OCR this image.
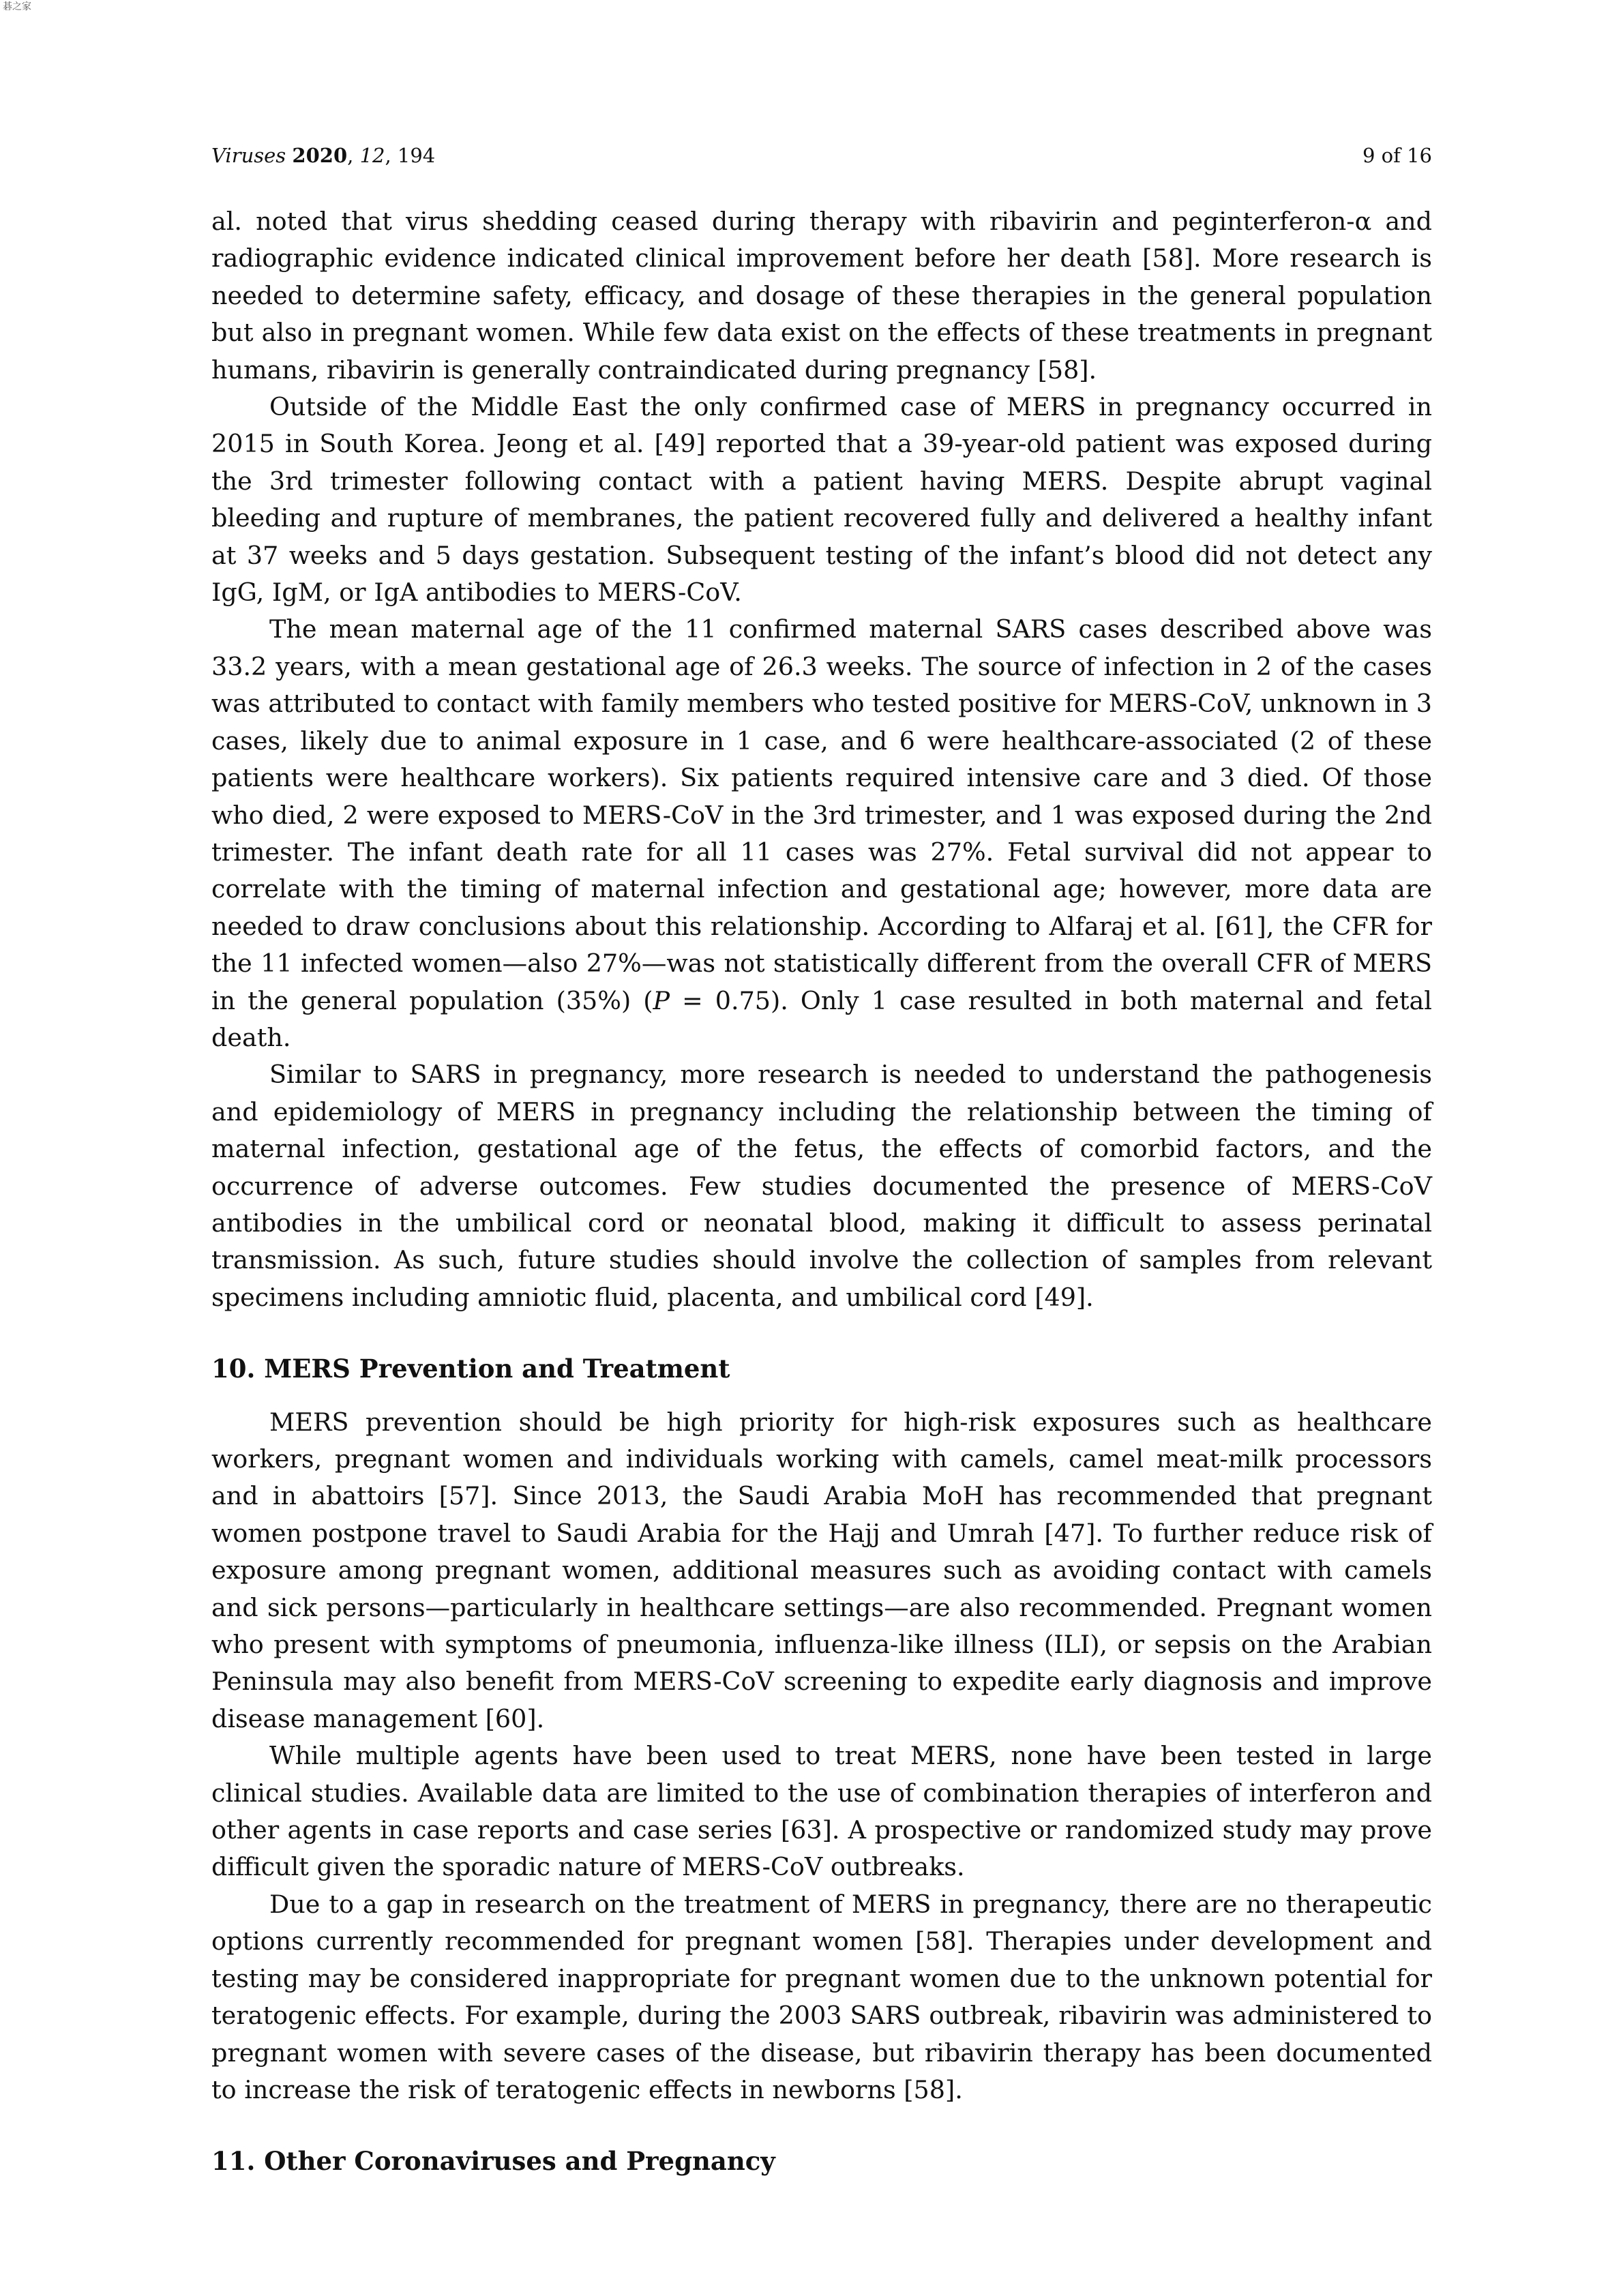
碁之家
Viruses 2020, 12, 194	9 of 16

al. noted that virus shedding ceased during therapy with ribavirin and peginterferon-α and radiographic evidence indicated clinical improvement before her death [58]. More research is needed to determine safety, efficacy, and dosage of these therapies in the general population but also in pregnant women. While few data exist on the effects of these treatments in pregnant humans, ribavirin is generally contraindicated during pregnancy [58].

Outside of the Middle East the only confirmed case of MERS in pregnancy occurred in 2015 in South Korea. Jeong et al. [49] reported that a 39-year-old patient was exposed during the 3rd trimester following contact with a patient having MERS. Despite abrupt vaginal bleeding and rupture of membranes, the patient recovered fully and delivered a healthy infant at 37 weeks and 5 days gestation. Subsequent testing of the infant’s blood did not detect any IgG, IgM, or IgA antibodies to MERS-CoV.

The mean maternal age of the 11 confirmed maternal SARS cases described above was 33.2 years, with a mean gestational age of 26.3 weeks. The source of infection in 2 of the cases was attributed to contact with family members who tested positive for MERS-CoV, unknown in 3 cases, likely due to animal exposure in 1 case, and 6 were healthcare-associated (2 of these patients were healthcare workers). Six patients required intensive care and 3 died. Of those who died, 2 were exposed to MERS-CoV in the 3rd trimester, and 1 was exposed during the 2nd trimester. The infant death rate for all 11 cases was 27%. Fetal survival did not appear to correlate with the timing of maternal infection and gestational age; however, more data are needed to draw conclusions about this relationship. According to Alfaraj et al. [61], the CFR for the 11 infected women—also 27%—was not statistically different from the overall CFR of MERS in the general population (35%) (P = 0.75). Only 1 case resulted in both maternal and fetal death.

Similar to SARS in pregnancy, more research is needed to understand the pathogenesis and epidemiology of MERS in pregnancy including the relationship between the timing of maternal infection, gestational age of the fetus, the effects of comorbid factors, and the occurrence of adverse outcomes. Few studies documented the presence of MERS-CoV antibodies in the umbilical cord or neonatal blood, making it difficult to assess perinatal transmission. As such, future studies should involve the collection of samples from relevant specimens including amniotic fluid, placenta, and umbilical cord [49].

10. MERS Prevention and Treatment

MERS prevention should be high priority for high-risk exposures such as healthcare workers, pregnant women and individuals working with camels, camel meat-milk processors and in abattoirs [57]. Since 2013, the Saudi Arabia MoH has recommended that pregnant women postpone travel to Saudi Arabia for the Hajj and Umrah [47]. To further reduce risk of exposure among pregnant women, additional measures such as avoiding contact with camels and sick persons—particularly in healthcare settings—are also recommended. Pregnant women who present with symptoms of pneumonia, influenza-like illness (ILI), or sepsis on the Arabian Peninsula may also benefit from MERS-CoV screening to expedite early diagnosis and improve disease management [60].

While multiple agents have been used to treat MERS, none have been tested in large clinical studies. Available data are limited to the use of combination therapies of interferon and other agents in case reports and case series [63]. A prospective or randomized study may prove difficult given the sporadic nature of MERS-CoV outbreaks.

Due to a gap in research on the treatment of MERS in pregnancy, there are no therapeutic options currently recommended for pregnant women [58]. Therapies under development and testing may be considered inappropriate for pregnant women due to the unknown potential for teratogenic effects. For example, during the 2003 SARS outbreak, ribavirin was administered to pregnant women with severe cases of the disease, but ribavirin therapy has been documented to increase the risk of teratogenic effects in newborns [58].

11. Other Coronaviruses and Pregnancy
